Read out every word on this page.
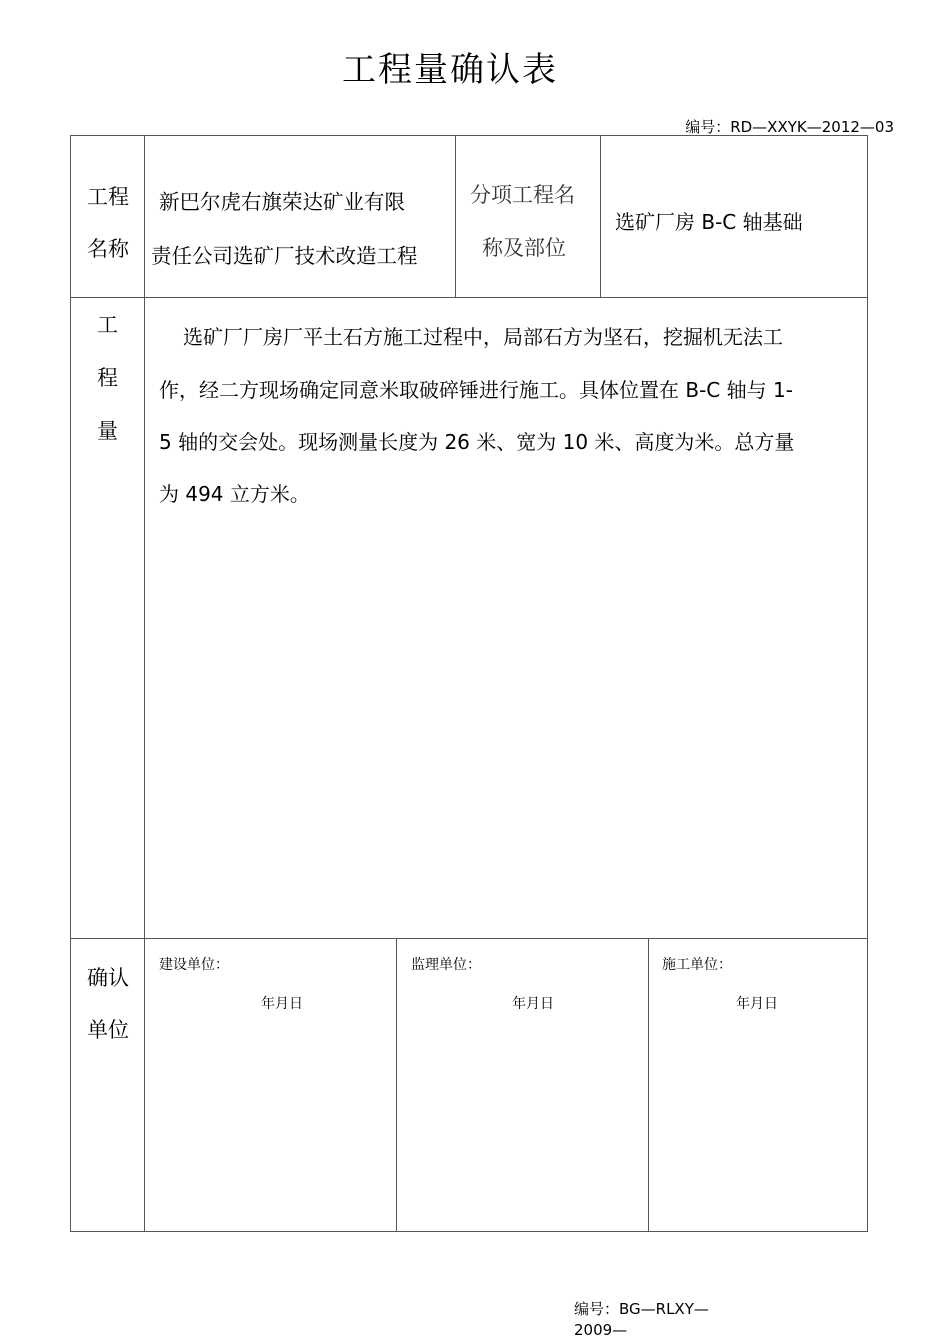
工程量确认表
编号：RD—XXYK—2012—03
工程
名称
新巴尔虎右旗荣达矿业有限
责任公司选矿厂技术改造工程
分项工程名
称及部位
选矿厂房 B-C 轴基础
工
程
量
选矿厂厂房厂平土石方施工过程中，局部石方为坚石，挖掘机无法工
作，经二方现场确定同意米取破碎锤进行施工。具体位置在 B-C 轴与 1-
5 轴的交会处。现场测量长度为 26 米、宽为 10 米、高度为米。总方量
为 494 立方米。
确认
单位
建设单位：
年月日
监理单位：
年月日
施工单位：
年月日
编号：BG—RLXY—
2009—
